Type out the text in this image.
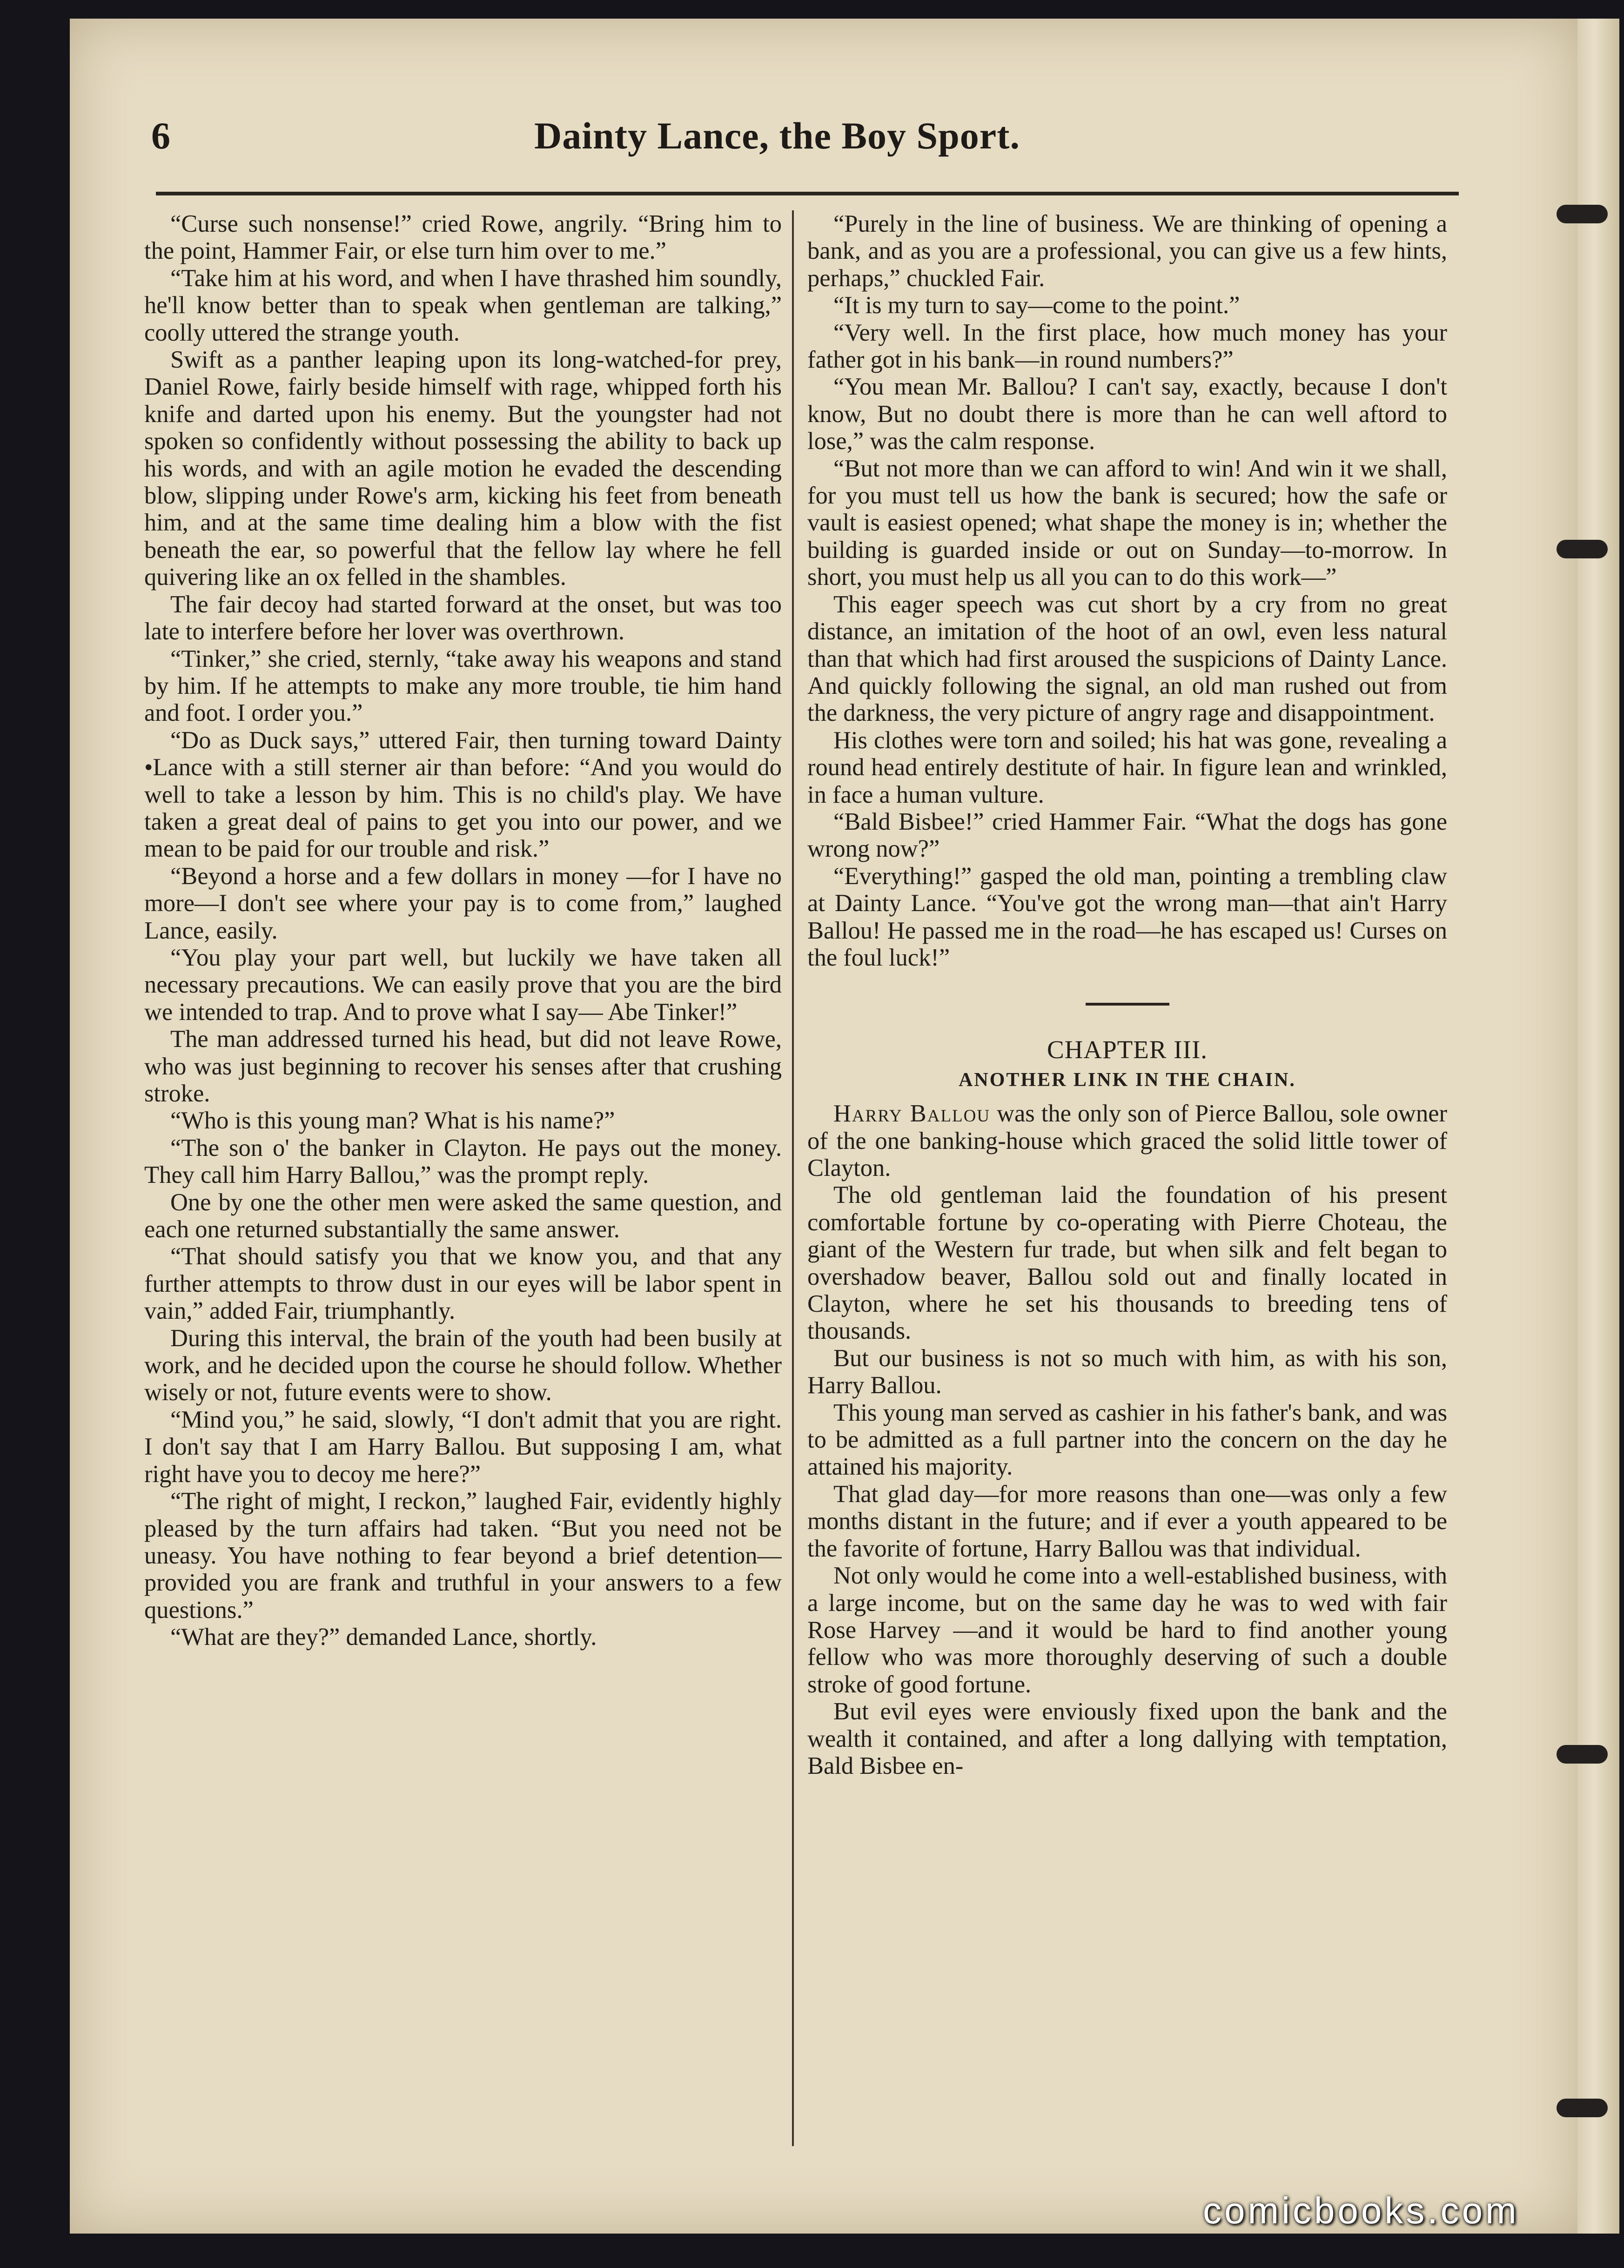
6	Dainty Lance, the Boy Sport.

“Curse such nonsense!” cried Rowe, angrily. “Bring him to the point, Hammer Fair, or else turn him over to me.”

“Take him at his word, and when I have thrashed him soundly, he'll know better than to speak when gentleman are talking,” coolly uttered the strange youth.

Swift as a panther leaping upon its long-watched-for prey, Daniel Rowe, fairly beside himself with rage, whipped forth his knife and darted upon his enemy. But the youngster had not spoken so confidently without possessing the ability to back up his words, and with an agile motion he evaded the descending blow, slipping under Rowe's arm, kicking his feet from beneath him, and at the same time dealing him a blow with the fist beneath the ear, so powerful that the fellow lay where he fell quivering like an ox felled in the shambles.

The fair decoy had started forward at the onset, but was too late to interfere before her lover was overthrown.

“Tinker,” she cried, sternly, “take away his weapons and stand by him. If he attempts to make any more trouble, tie him hand and foot. I order you.”

“Do as Duck says,” uttered Fair, then turning toward Dainty •Lance with a still sterner air than before: “And you would do well to take a lesson by him. This is no child's play. We have taken a great deal of pains to get you into our power, and we mean to be paid for our trouble and risk.”

“Beyond a horse and a few dollars in money —for I have no more—I don't see where your pay is to come from,” laughed Lance, easily.

“You play your part well, but luckily we have taken all necessary precautions. We can easily prove that you are the bird we intended to trap. And to prove what I say— Abe Tinker!”

The man addressed turned his head, but did not leave Rowe, who was just beginning to recover his senses after that crushing stroke.

“Who is this young man? What is his name?”

“The son o' the banker in Clayton. He pays out the money. They call him Harry Ballou,” was the prompt reply.

One by one the other men were asked the same question, and each one returned substantially the same answer.

“That should satisfy you that we know you, and that any further attempts to throw dust in our eyes will be labor spent in vain,” added Fair, triumphantly.

During this interval, the brain of the youth had been busily at work, and he decided upon the course he should follow. Whether wisely or not, future events were to show.

“Mind you,” he said, slowly, “I don't admit that you are right. I don't say that I am Harry Ballou. But supposing I am, what right have you to decoy me here?”

“The right of might, I reckon,” laughed Fair, evidently highly pleased by the turn affairs had taken. “But you need not be uneasy. You have nothing to fear beyond a brief detention—provided you are frank and truthful in your answers to a few questions.”

“What are they?” demanded Lance, shortly.

“Purely in the line of business. We are thinking of opening a bank, and as you are a professional, you can give us a few hints, perhaps,” chuckled Fair.

“It is my turn to say—come to the point.”

“Very well. In the first place, how much money has your father got in his bank—in round numbers?”

“You mean Mr. Ballou? I can't say, exactly, because I don't know, But no doubt there is more than he can well aftord to lose,” was the calm response.

“But not more than we can afford to win! And win it we shall, for you must tell us how the bank is secured; how the safe or vault is easiest opened; what shape the money is in; whether the building is guarded inside or out on Sunday—to-morrow. In short, you must help us all you can to do this work—”

This eager speech was cut short by a cry from no great distance, an imitation of the hoot of an owl, even less natural than that which had first aroused the suspicions of Dainty Lance. And quickly following the signal, an old man rushed out from the darkness, the very picture of angry rage and disappointment.

His clothes were torn and soiled; his hat was gone, revealing a round head entirely destitute of hair. In figure lean and wrinkled, in face a human vulture.

“Bald Bisbee!” cried Hammer Fair. “What the dogs has gone wrong now?”

“Everything!” gasped the old man, pointing a trembling claw at Dainty Lance. “You've got the wrong man—that ain't Harry Ballou! He passed me in the road—he has escaped us! Curses on the foul luck!”

CHAPTER III.
ANOTHER LINK IN THE CHAIN.

Harry Ballou was the only son of Pierce Ballou, sole owner of the one banking-house which graced the solid little tower of Clayton.

The old gentleman laid the foundation of his present comfortable fortune by co-operating with Pierre Choteau, the giant of the Western fur trade, but when silk and felt began to overshadow beaver, Ballou sold out and finally located in Clayton, where he set his thousands to breeding tens of thousands.

But our business is not so much with him, as with his son, Harry Ballou.

This young man served as cashier in his father's bank, and was to be admitted as a full partner into the concern on the day he attained his majority.

That glad day—for more reasons than one—was only a few months distant in the future; and if ever a youth appeared to be the favorite of fortune, Harry Ballou was that individual.

Not only would he come into a well-established business, with a large income, but on the same day he was to wed with fair Rose Harvey —and it would be hard to find another young fellow who was more thoroughly deserving of such a double stroke of good fortune.

But evil eyes were enviously fixed upon the bank and the wealth it contained, and after a long dallying with temptation, Bald Bisbee en-

comicbooks.com
